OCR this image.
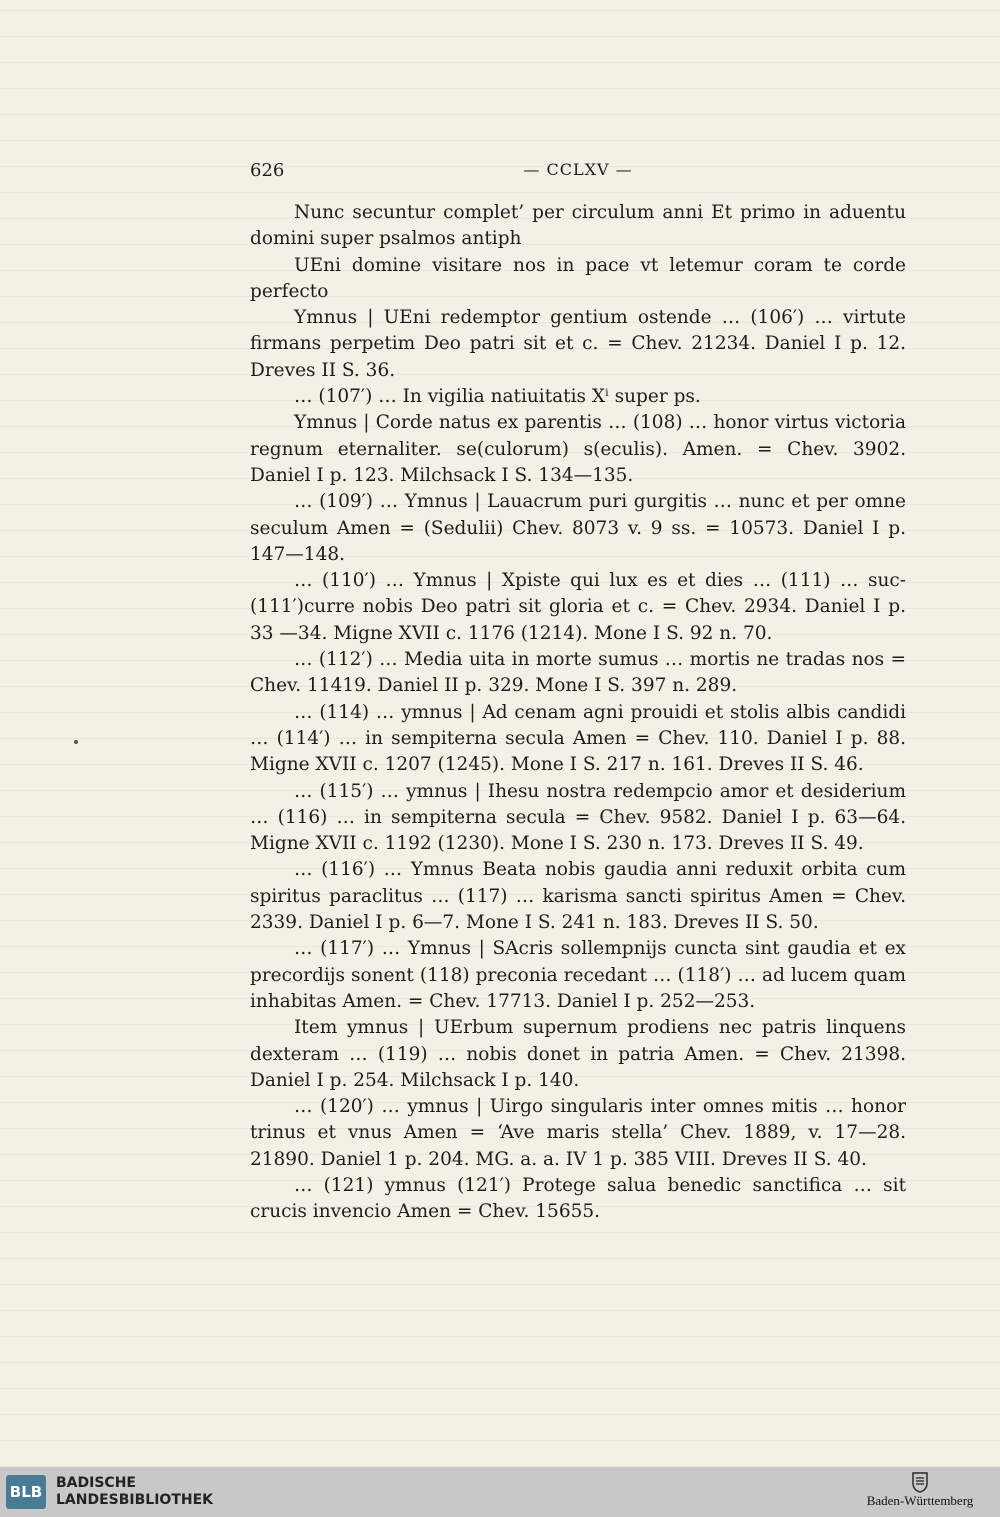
626	— CCLXV —

Nunc secuntur complet’ per circulum anni Et primo in aduentu domini super psalmos antiph

UEni domine visitare nos in pace vt letemur coram te corde perfecto

Ymnus | UEni redemptor gentium ostende … (106′) … virtute firmans perpetim Deo patri sit et c. = Chev. 21234. Daniel I p. 12. Dreves II S. 36.

… (107′) … In vigilia natiuitatis Xⁱ super ps.

Ymnus | Corde natus ex parentis … (108) … honor virtus victoria regnum eternaliter. se(culorum) s(eculis). Amen. = Chev. 3902. Daniel I p. 123. Milchsack I S. 134—135.

… (109′) … Ymnus | Lauacrum puri gurgitis … nunc et per omne seculum Amen = (Sedulii) Chev. 8073 v. 9 ss. = 10573. Daniel I p. 147—148.

… (110′) … Ymnus | Xpiste qui lux es et dies … (111) … suc-(111′)curre nobis Deo patri sit gloria et c. = Chev. 2934. Daniel I p. 33 —34. Migne XVII c. 1176 (1214). Mone I S. 92 n. 70.

… (112′) … Media uita in morte sumus … mortis ne tradas nos = Chev. 11419. Daniel II p. 329. Mone I S. 397 n. 289.

… (114) … ymnus | Ad cenam agni prouidi et stolis albis candidi … (114′) … in sempiterna secula Amen = Chev. 110. Daniel I p. 88. Migne XVII c. 1207 (1245). Mone I S. 217 n. 161. Dreves II S. 46.

… (115′) … ymnus | Ihesu nostra redempcio amor et desiderium … (116) … in sempiterna secula = Chev. 9582. Daniel I p. 63—64. Migne XVII c. 1192 (1230). Mone I S. 230 n. 173. Dreves II S. 49.

… (116′) … Ymnus Beata nobis gaudia anni reduxit orbita cum spiritus paraclitus … (117) … karisma sancti spiritus Amen = Chev. 2339. Daniel I p. 6—7. Mone I S. 241 n. 183. Dreves II S. 50.

… (117′) … Ymnus | SAcris sollempnijs cuncta sint gaudia et ex precordijs sonent (118) preconia recedant … (118′) … ad lucem quam inhabitas Amen. = Chev. 17713. Daniel I p. 252—253.

Item ymnus | UErbum supernum prodiens nec patris linquens dexteram … (119) … nobis donet in patria Amen. = Chev. 21398. Daniel I p. 254. Milchsack I p. 140.

… (120′) … ymnus | Uirgo singularis inter omnes mitis … honor trinus et vnus Amen = ‘Ave maris stella’ Chev. 1889, v. 17—28. 21890. Daniel 1 p. 204. MG. a. a. IV 1 p. 385 VIII. Dreves II S. 40.

… (121) ymnus (121′) Protege salua benedic sanctifica … sit crucis invencio Amen = Chev. 15655.

BLB BADISCHE
LANDESBIBLIOTHEK	Baden-Württemberg
